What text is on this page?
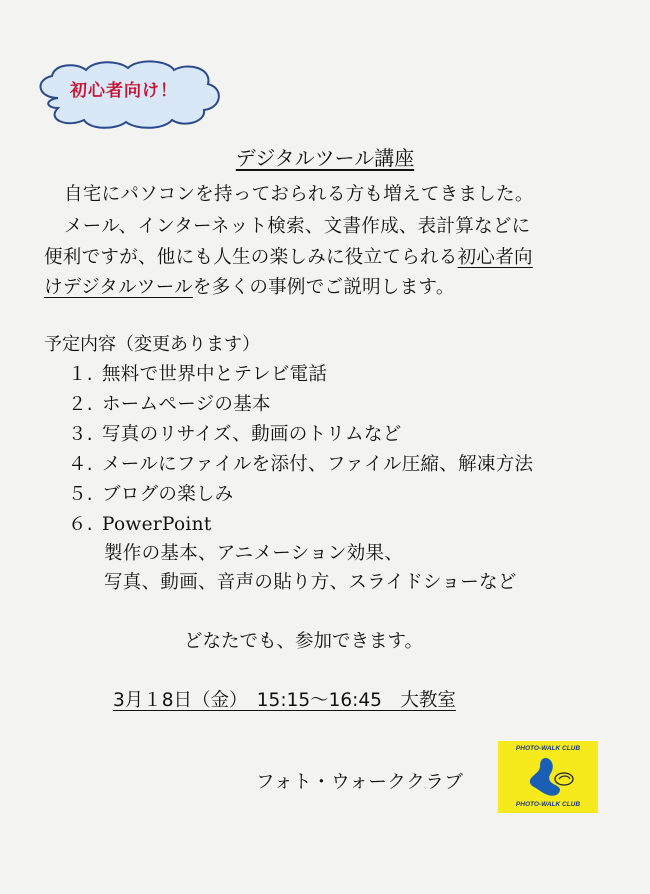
初心者向け！
デジタルツール講座
自宅にパソコンを持っておられる方も増えてきました。
メール、インターネット検索、文書作成、表計算などに
便利ですが、他にも人生の楽しみに役立てられる初心者向
けデジタルツールを多くの事例でご説明します。
予定内容（変更あります）
１. 無料で世界中とテレビ電話
２. ホームページの基本
３. 写真のリサイズ、動画のトリムなど
４. メールにファイルを添付、ファイル圧縮、解凍方法
５. ブログの楽しみ
６. PowerPoint
製作の基本、アニメーション効果、
写真、動画、音声の貼り方、スライドショーなど
どなたでも、参加できます。
3月１8日（金）　15:15～16:45　大教室
フォト・ウォーククラブ
PHOTO-WALK CLUB
PHOTO-WALK CLUB
